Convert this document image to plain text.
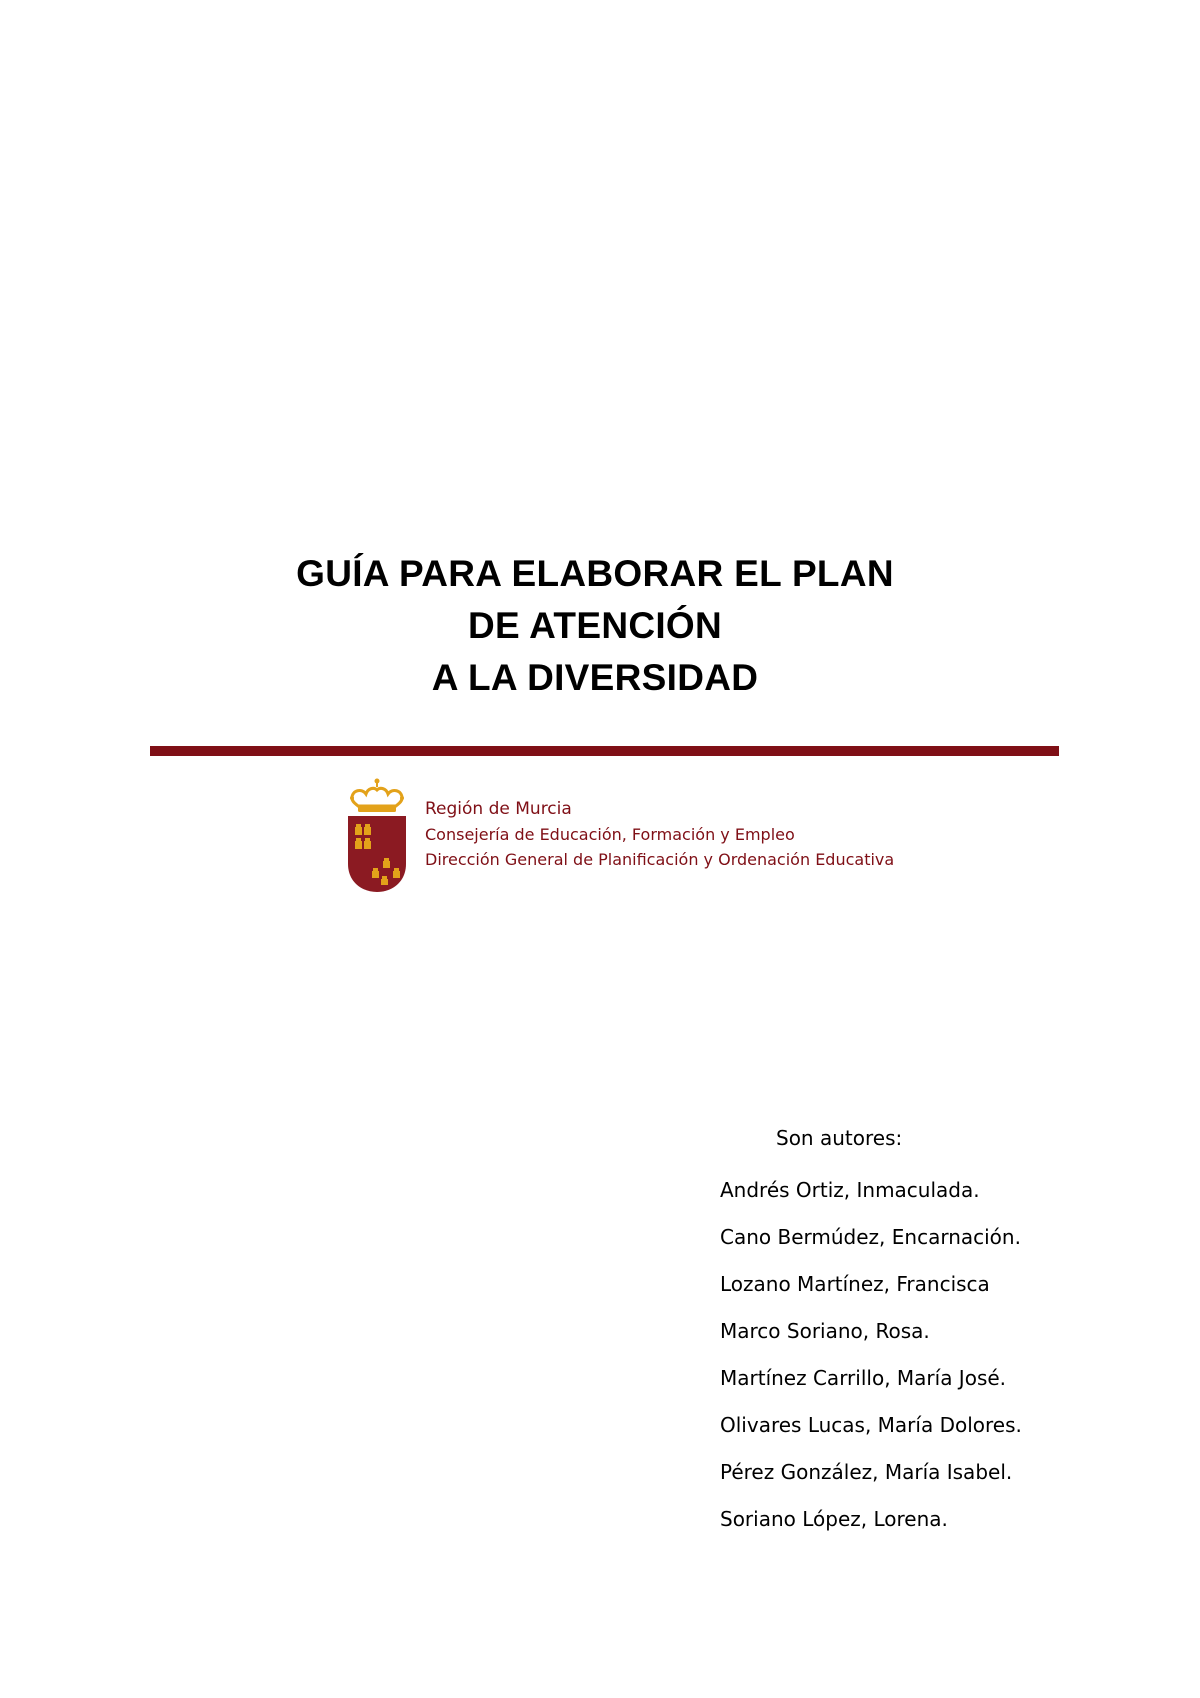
GUÍA PARA ELABORAR EL PLAN
DE ATENCIÓN
A LA DIVERSIDAD
Región de Murcia
Consejería de Educación, Formación y Empleo
Dirección General de Planificación y Ordenación Educativa
Son autores:
Andrés Ortiz, Inmaculada.
Cano Bermúdez, Encarnación.
Lozano Martínez, Francisca
Marco Soriano, Rosa.
Martínez Carrillo, María José.
Olivares Lucas, María Dolores.
Pérez González, María Isabel.
Soriano López, Lorena.
